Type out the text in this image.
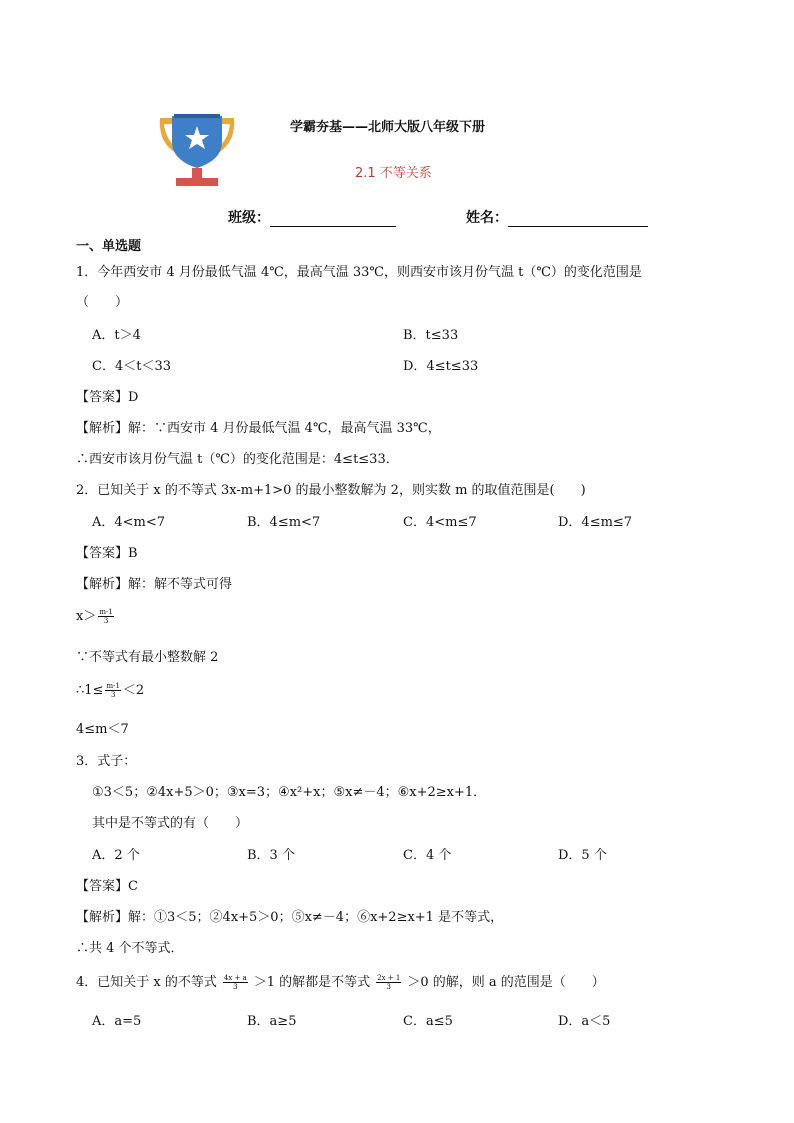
学霸夯基——北师大版八年级下册
2.1 不等关系
班级：	姓名：
一、单选题
1．今年西安市 4 月份最低气温 4℃，最高气温 33℃，则西安市该月份气温 t（℃）的变化范围是
（　　）
A．t＞4	B．t≤33
C．4＜t＜33	D．4≤t≤33
【答案】D
【解析】解：∵西安市 4 月份最低气温 4℃，最高气温 33℃，
∴西安市该月份气温 t（℃）的变化范围是：4≤t≤33．
2．已知关于 x 的不等式 3x-m+1>0 的最小整数解为 2，则实数 m 的取值范围是(　　)
A．4<m<7	B．4≤m<7	C．4<m≤7	D．4≤m≤7
【答案】B
【解析】解：解不等式可得
$x> \frac{m-1}{3}$
∵不等式有最小整数解 2
∴1≤ $\frac{m-1}{3} <2$
4≤m＜7
3．式子：
①3＜5；②4x+5＞0；③x=3；④x²+x；⑤x≠－4；⑥x+2≥x+1．
其中是不等式的有（　　）
A．2 个	B．3 个	C．4 个	D．5 个
【答案】C
【解析】解：①3＜5；②4x+5＞0；⑤x≠－4；⑥x+2≥x+1 是不等式，
∴共 4 个不等式．
4．已知关于 x 的不等式 $\frac{4x + a}{3} >1$ 的解都是不等式 $\frac{2x + 1}{3} >0$ 的解，则 a 的范围是（　　）
A．a=5	B．a≥5	C．a≤5	D．a＜5
